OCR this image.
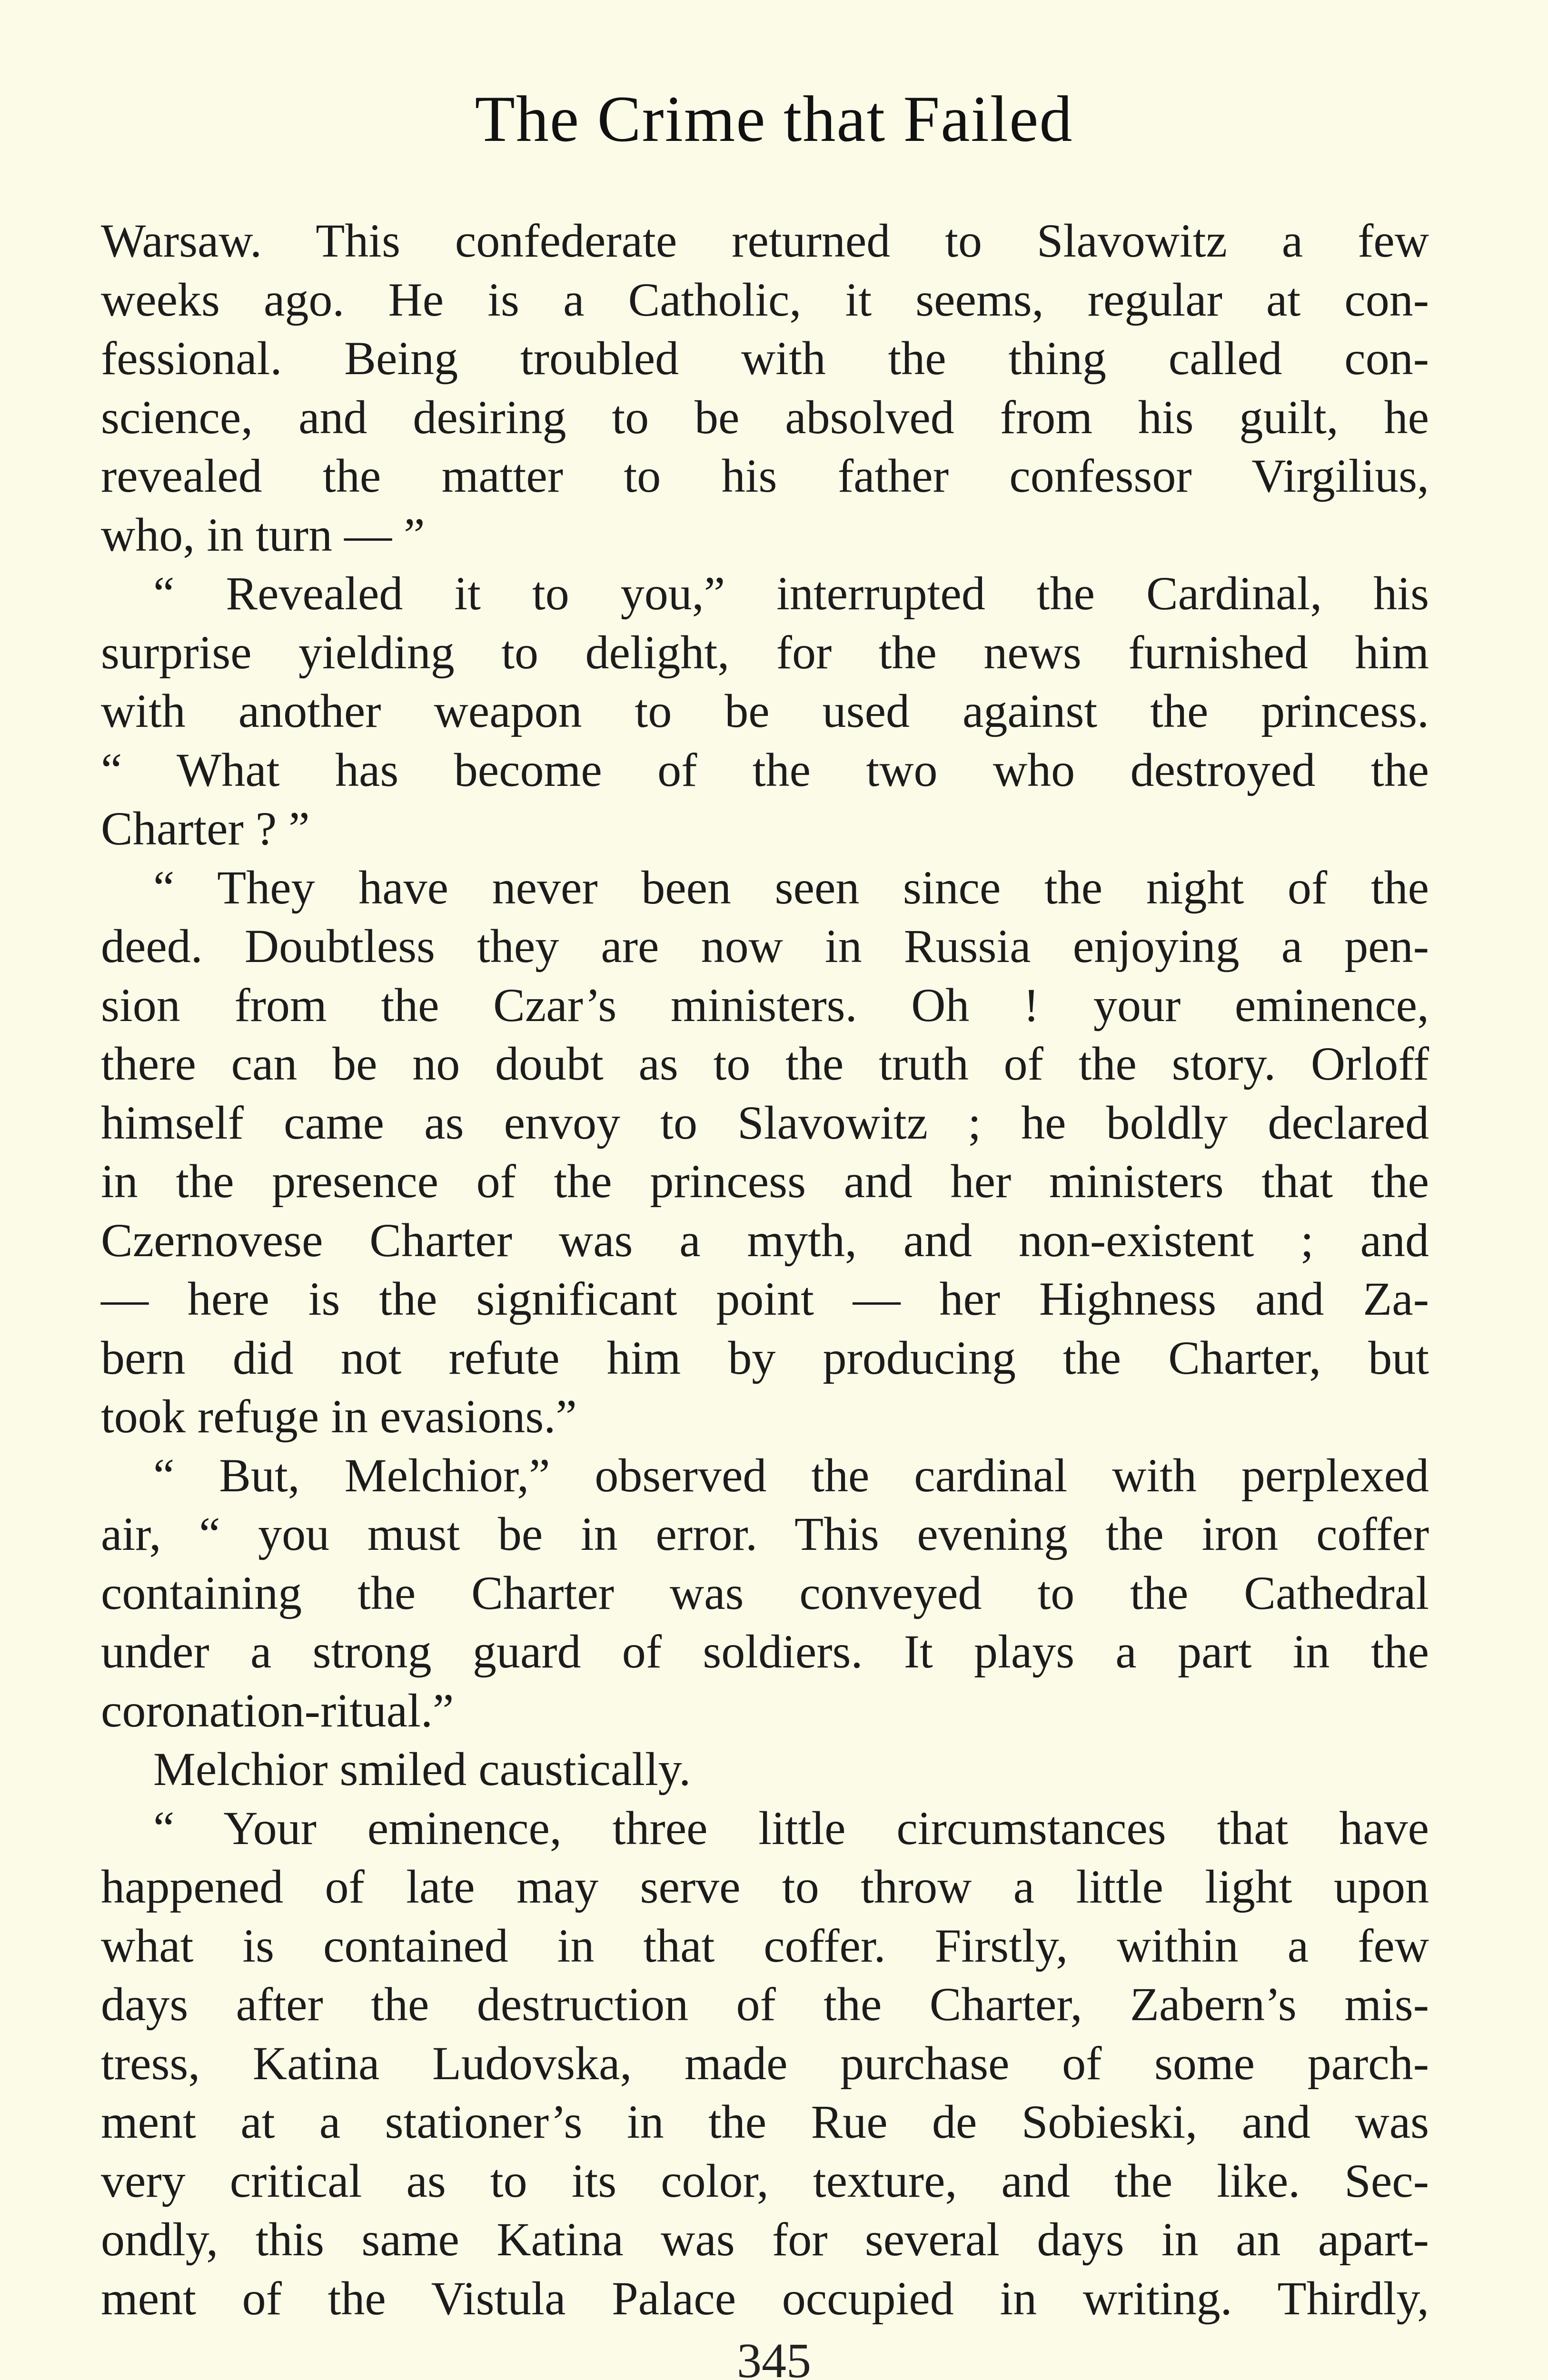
The Crime that Failed
Warsaw. This confederate returned to Slavowitz a few
weeks ago. He is a Catholic, it seems, regular at con-
fessional. Being troubled with the thing called con-
science, and desiring to be absolved from his guilt, he
revealed the matter to his father confessor Virgilius,
who, in turn — ”
“ Revealed it to you,” interrupted the Cardinal, his
surprise yielding to delight, for the news furnished him
with another weapon to be used against the princess.
“ What has become of the two who destroyed the
Charter ? ”
“ They have never been seen since the night of the
deed. Doubtless they are now in Russia enjoying a pen-
sion from the Czar’s ministers. Oh ! your eminence,
there can be no doubt as to the truth of the story. Orloff
himself came as envoy to Slavowitz ; he boldly declared
in the presence of the princess and her ministers that the
Czernovese Charter was a myth, and non-existent ; and
— here is the significant point — her Highness and Za-
bern did not refute him by producing the Charter, but
took refuge in evasions.”
“ But, Melchior,” observed the cardinal with perplexed
air, “ you must be in error. This evening the iron coffer
containing the Charter was conveyed to the Cathedral
under a strong guard of soldiers. It plays a part in the
coronation-ritual.”
Melchior smiled caustically.
“ Your eminence, three little circumstances that have
happened of late may serve to throw a little light upon
what is contained in that coffer. Firstly, within a few
days after the destruction of the Charter, Zabern’s mis-
tress, Katina Ludovska, made purchase of some parch-
ment at a stationer’s in the Rue de Sobieski, and was
very critical as to its color, texture, and the like. Sec-
ondly, this same Katina was for several days in an apart-
ment of the Vistula Palace occupied in writing. Thirdly,
345
